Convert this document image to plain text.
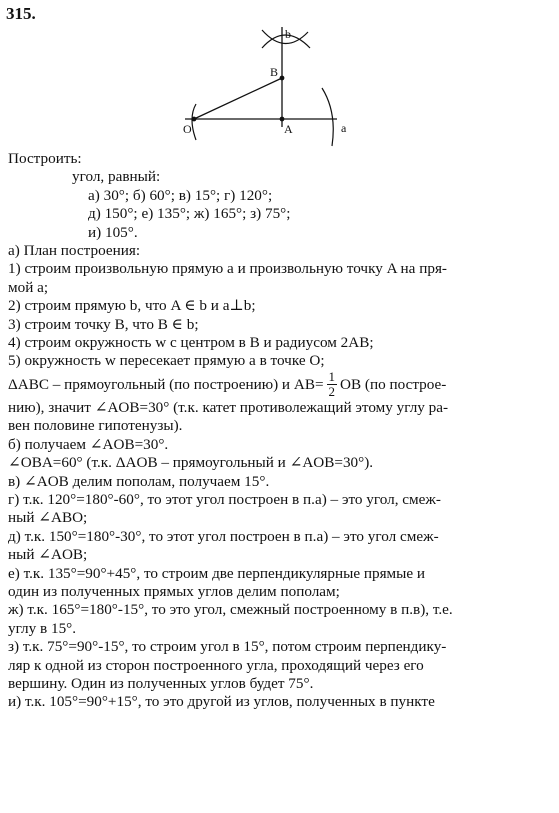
315.
b
B
O	A	a

Построить:

угол, равный:

а) 30°; б) 60°; в) 15°; г) 120°;

д) 150°; е) 135°; ж) 165°; з) 75°;

и) 105°.

а) План построения:

1) строим произвольную прямую a и произвольную точку A на пря-

мой a;

2) строим прямую b, что A ∈ b и a⊥b;

3) строим точку B, что B ∈ b;

4) строим окружность w с центром в B и радиусом 2AB;

5) окружность w пересекает прямую a в точке O;

ΔABC – прямоугольный (по построению) и $AB= \frac{1}{2}$ OB (по построе-

нию), значит ∠AOB=30° (т.к. катет противолежащий этому углу ра-

вен половине гипотенузы).

б) получаем ∠AOB=30°.

∠OBA=60° (т.к. ΔAOB – прямоугольный и ∠AOB=30°).

в) ∠AOB делим пополам, получаем 15°.

г) т.к. 120°=180°-60°, то этот угол построен в п.а) – это угол, смеж-

ный ∠ABO;

д) т.к. 150°=180°-30°, то этот угол построен в п.а) – это угол смеж-

ный ∠AOB;

е) т.к. 135°=90°+45°, то строим две перпендикулярные прямые и

один из полученных прямых углов делим пополам;

ж) т.к. 165°=180°-15°, то это угол, смежный построенному в п.в), т.е.

углу в 15°.

з) т.к. 75°=90°-15°, то строим угол в 15°, потом строим перпендику-

ляр к одной из сторон построенного угла, проходящий через его

вершину. Один из полученных углов будет 75°.

и) т.к. 105°=90°+15°, то это другой из углов, полученных в пункте
